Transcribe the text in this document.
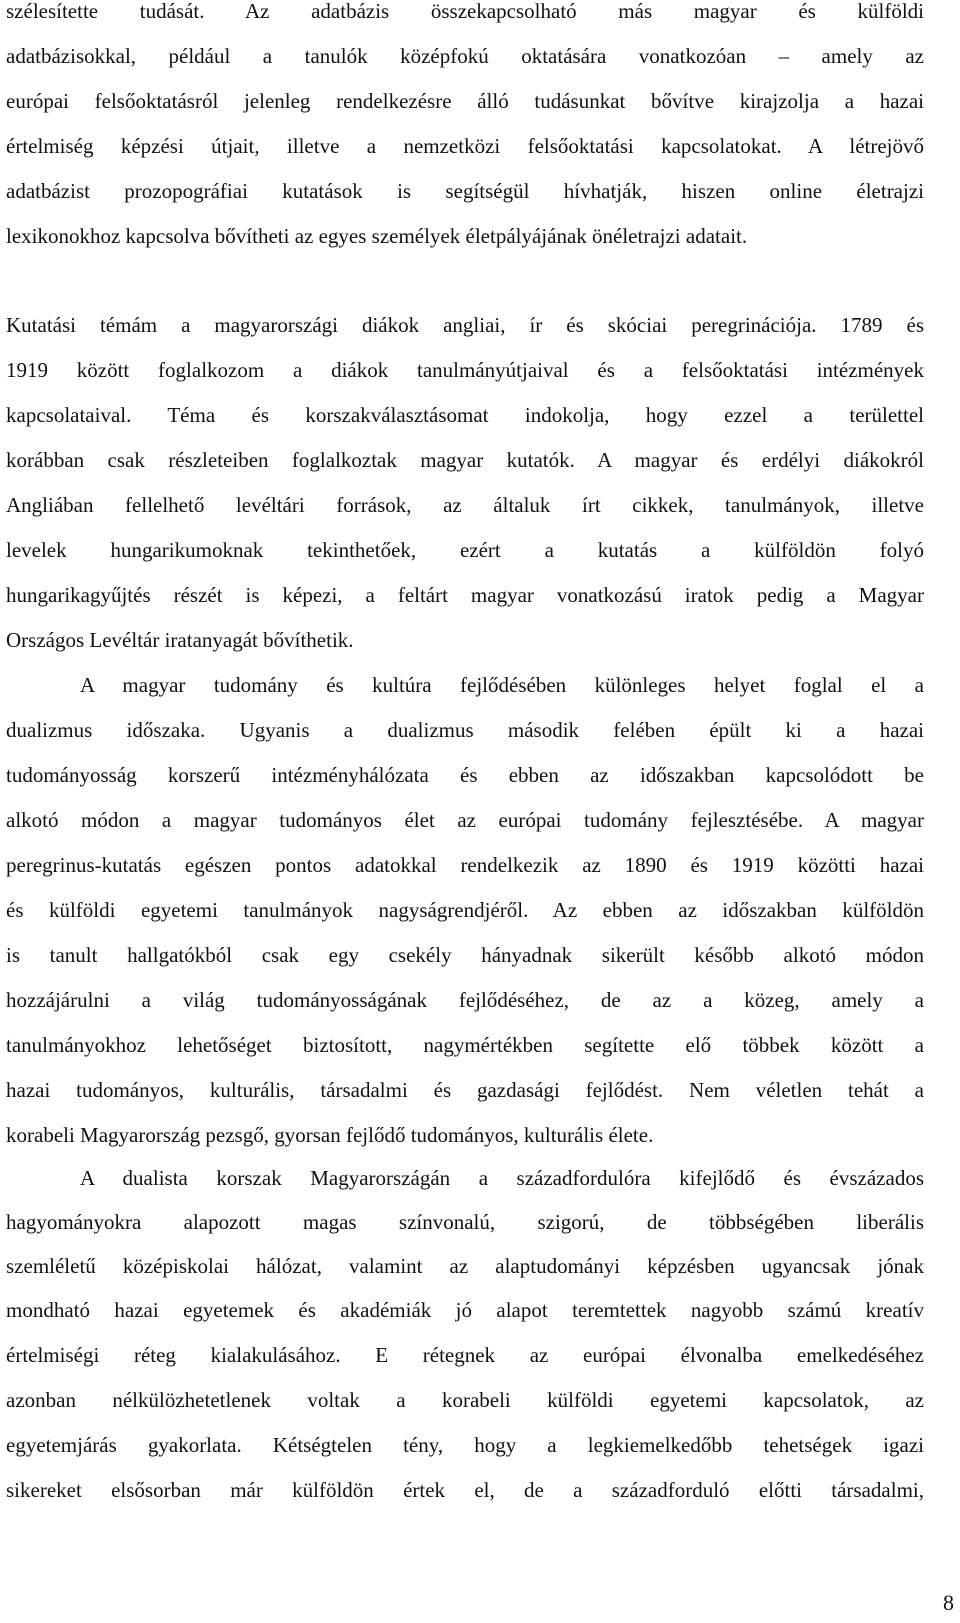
szélesítette tudását. Az adatbázis összekapcsolható más magyar és külföldi
adatbázisokkal, például a tanulók középfokú oktatására vonatkozóan – amely az
európai felsőoktatásról jelenleg rendelkezésre álló tudásunkat bővítve kirajzolja a hazai
értelmiség képzési útjait, illetve a nemzetközi felsőoktatási kapcsolatokat. A létrejövő
adatbázist prozopográfiai kutatások is segítségül hívhatják, hiszen online életrajzi
lexikonokhoz kapcsolva bővítheti az egyes személyek életpályájának önéletrajzi adatait.
Kutatási témám a magyarországi diákok angliai, ír és skóciai peregrinációja. 1789 és
1919 között foglalkozom a diákok tanulmányútjaival és a felsőoktatási intézmények
kapcsolataival. Téma és korszakválasztásomat indokolja, hogy ezzel a területtel
korábban csak részleteiben foglalkoztak magyar kutatók. A magyar és erdélyi diákokról
Angliában fellelhető levéltári források, az általuk írt cikkek, tanulmányok, illetve
levelek hungarikumoknak tekinthetőek, ezért a kutatás a külföldön folyó
hungarikagyűjtés részét is képezi, a feltárt magyar vonatkozású iratok pedig a Magyar
Országos Levéltár iratanyagát bővíthetik.
A magyar tudomány és kultúra fejlődésében különleges helyet foglal el a
dualizmus időszaka. Ugyanis a dualizmus második felében épült ki a hazai
tudományosság korszerű intézményhálózata és ebben az időszakban kapcsolódott be
alkotó módon a magyar tudományos élet az európai tudomány fejlesztésébe. A magyar
peregrinus-kutatás egészen pontos adatokkal rendelkezik az 1890 és 1919 közötti hazai
és külföldi egyetemi tanulmányok nagyságrendjéről. Az ebben az időszakban külföldön
is tanult hallgatókból csak egy csekély hányadnak sikerült később alkotó módon
hozzájárulni a világ tudományosságának fejlődéséhez, de az a közeg, amely a
tanulmányokhoz lehetőséget biztosított, nagymértékben segítette elő többek között a
hazai tudományos, kulturális, társadalmi és gazdasági fejlődést. Nem véletlen tehát a
korabeli Magyarország pezsgő, gyorsan fejlődő tudományos, kulturális élete.
A dualista korszak Magyarországán a századfordulóra kifejlődő és évszázados
hagyományokra alapozott magas színvonalú, szigorú, de többségében liberális
szemléletű középiskolai hálózat, valamint az alaptudományi képzésben ugyancsak jónak
mondható hazai egyetemek és akadémiák jó alapot teremtettek nagyobb számú kreatív
értelmiségi réteg kialakulásához. E rétegnek az európai élvonalba emelkedéséhez
azonban nélkülözhetetlenek voltak a korabeli külföldi egyetemi kapcsolatok, az
egyetemjárás gyakorlata. Kétségtelen tény, hogy a legkiemelkedőbb tehetségek igazi
sikereket elsősorban már külföldön értek el, de a századforduló előtti társadalmi,
8
